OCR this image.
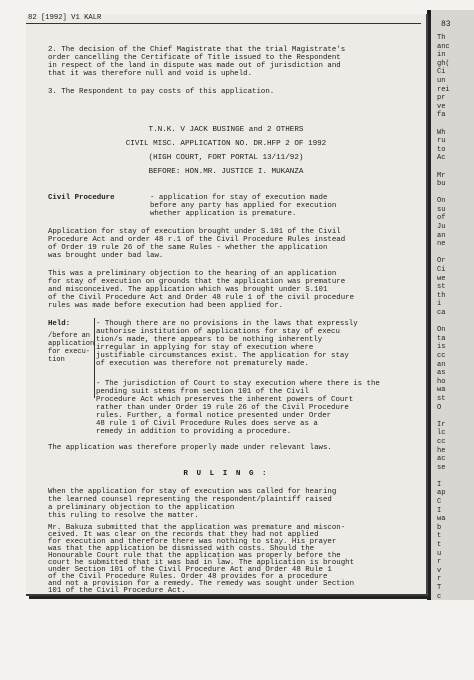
83
Th
anc
in
gh(
Ci
un
rei
pr
ve
fa

Wh
ru
to
Ac

Mr
bu

On
su
of
Ju
an
ne

Or
Ci
we
st
th
i
ca

On
ta
is
cc
an
as
ho
wa
st
O

Ir
lc
cc
he
ac
se

I
ap
C
I
wa
b
t
t
u
r
v
r
T
c
82 [1992] V1 KALR
2. The decision of the Chief Magistrate that the trial Magistrate's
order cancelling the Certificate of Title issued to the Respondent
in respect of the land in dispute was made out of jurisdiction and
that it was therefore null and void is upheld.
3. The Respondent to pay costs of this application.
T.N.K. V JACK BUSINGE and 2 OTHERS
CIVIL MISC. APPLICATION NO. DR.HFP 2 OF 1992
(HIGH COURT, FORT PORTAL 13/11/92)
BEFORE: HON.MR. JUSTICE I. MUKANZA
Civil Procedure	- application for stay of execution made
before any party has applied for execution
whether application is premature.
Application for stay of execution brought under S.101 of the Civil
Procedure Act and order 48 r.1 of the Civil Procedure Rules instead
of Order 19 rule 26 of the same Rules - whether the application
was brought under bad law.
This was a preliminary objection to the hearing of an application
for stay of execution on grounds that the application was premature
and misconceived. The application which was brought under S.101
of the Civil Procedure Act and Order 48 rule 1 of the civil procedure
rules was made before execution had been applied for.
Held:
/before an
application
for execu-
tion
- Though there are no provisions in the laws that expressly
authorise institution of applications for stay of execu
tion/s made, there appears to be nothing inherently
irregular in applying for stay of execution where
justifiable circumstances exist. The application for stay
of execution was therefore not prematurely made.
- The jurisdiction of Court to stay execution where there is the
pending suit stems from section 101 of the Civil
Procedure Act which preserves the inherent powers of Court
rather than under Order 19 rule 26 of the Civil Procedure
rules. Further, a formal notice presented under Order
48 rule 1 of Civil Procedure Rules does serve as a
remedy in addition to providing a procedure.
The application was therefore properly made under relevant laws.
R U L I N G :
When the application for stay of execution was called for hearing
the learned counsel representing the respondent/plaintiff raised
a preliminary objection to the application
this ruling to resolve the matter.
Mr. Bakuza submitted that the application was premature and miscon-
ceived. It was clear on the records that they had not applied
for execution and therefore there was nothing to stay. His prayer
was that the application be dismissed with costs. Should the
Honourable Court rule that the application was properly before the
court he submitted that it was bad in law. The application is brought
under Section 101 of the Civil Procedure Act and Order 48 Rule 1
of the Civil Procedure Rules. Order 48 provides for a procedure
and not a provision for a remedy. The remedy was sought under Section
101 of the Civil Procedure Act.
